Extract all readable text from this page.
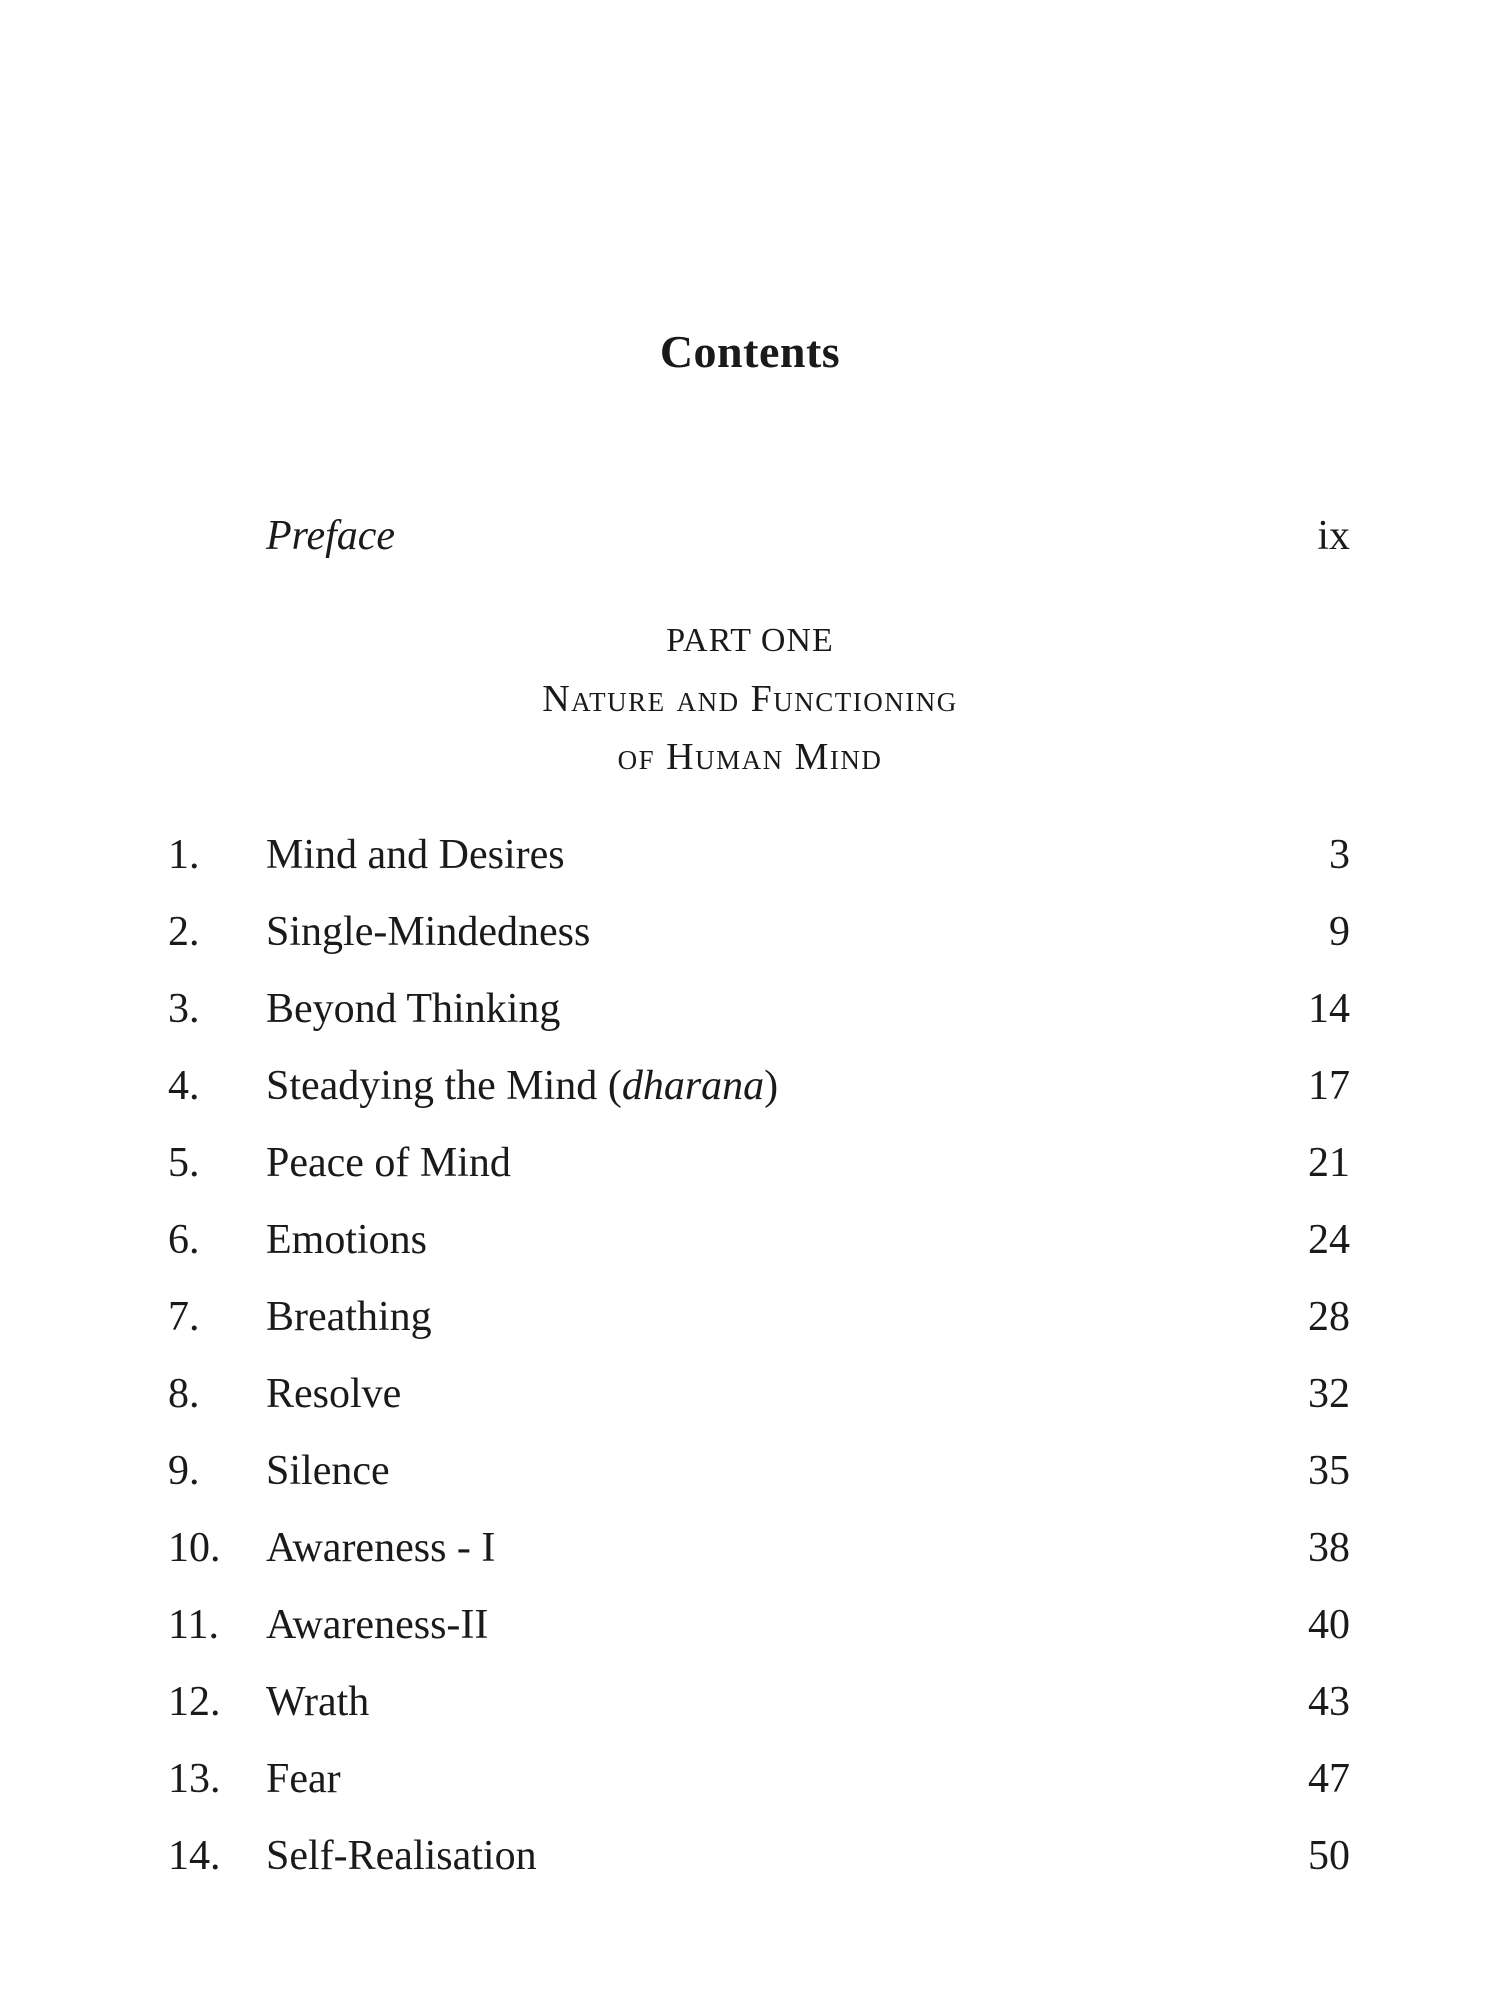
Contents
Preface	ix
PART ONE
Nature and Functioning
of Human Mind
1.	Mind and Desires	3
2.	Single-Mindedness	9
3.	Beyond Thinking	14
4.	Steadying the Mind (dharana)	17
5.	Peace of Mind	21
6.	Emotions	24
7.	Breathing	28
8.	Resolve	32
9.	Silence	35
10.	Awareness - I	38
11.	Awareness-II	40
12.	Wrath	43
13.	Fear	47
14.	Self-Realisation	50
